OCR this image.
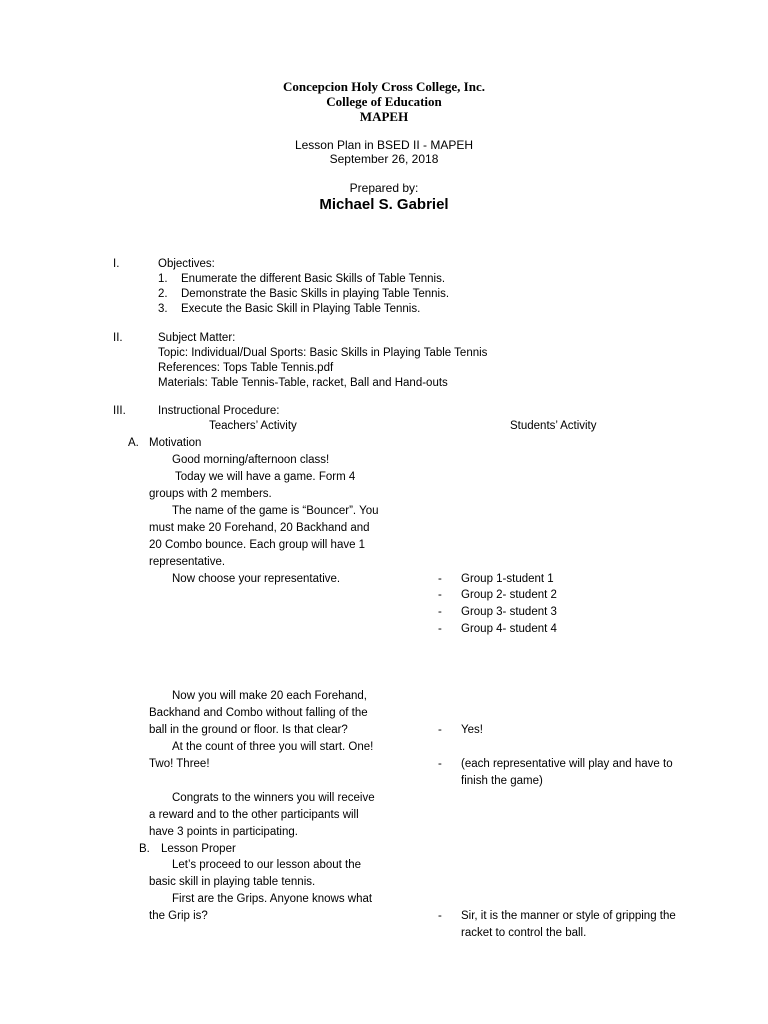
Concepcion Holy Cross College, Inc.
College of Education
MAPEH
Lesson Plan in BSED II - MAPEH
September 26, 2018
Prepared by:
Michael S. Gabriel
I.	Objectives:
1. Enumerate the different Basic Skills of Table Tennis.
2. Demonstrate the Basic Skills in playing Table Tennis.
3. Execute the Basic Skill in Playing Table Tennis.
II.	Subject Matter:
Topic: Individual/Dual Sports: Basic Skills in Playing Table Tennis
References: Tops Table Tennis.pdf
Materials: Table Tennis-Table, racket, Ball and Hand-outs
III.	Instructional Procedure:
Teachers’ Activity	Students’ Activity
A. Motivation
Good morning/afternoon class!
Today we will have a game. Form 4
groups with 2 members.
The name of the game is “Bouncer”. You
must make 20 Forehand, 20 Backhand and
20 Combo bounce. Each group will have 1
representative.
Now choose your representative.	- Group 1-student 1
- Group 2- student 2
- Group 3- student 3
- Group 4- student 4
Now you will make 20 each Forehand,
Backhand and Combo without falling of the
ball in the ground or floor. Is that clear?	- Yes!
At the count of three you will start. One!
Two! Three!	- (each representative will play and have to
finish the game)
Congrats to the winners you will receive
a reward and to the other participants will
have 3 points in participating.
B. Lesson Proper
Let’s proceed to our lesson about the
basic skill in playing table tennis.
First are the Grips. Anyone knows what
the Grip is?	- Sir, it is the manner or style of gripping the
racket to control the ball.
